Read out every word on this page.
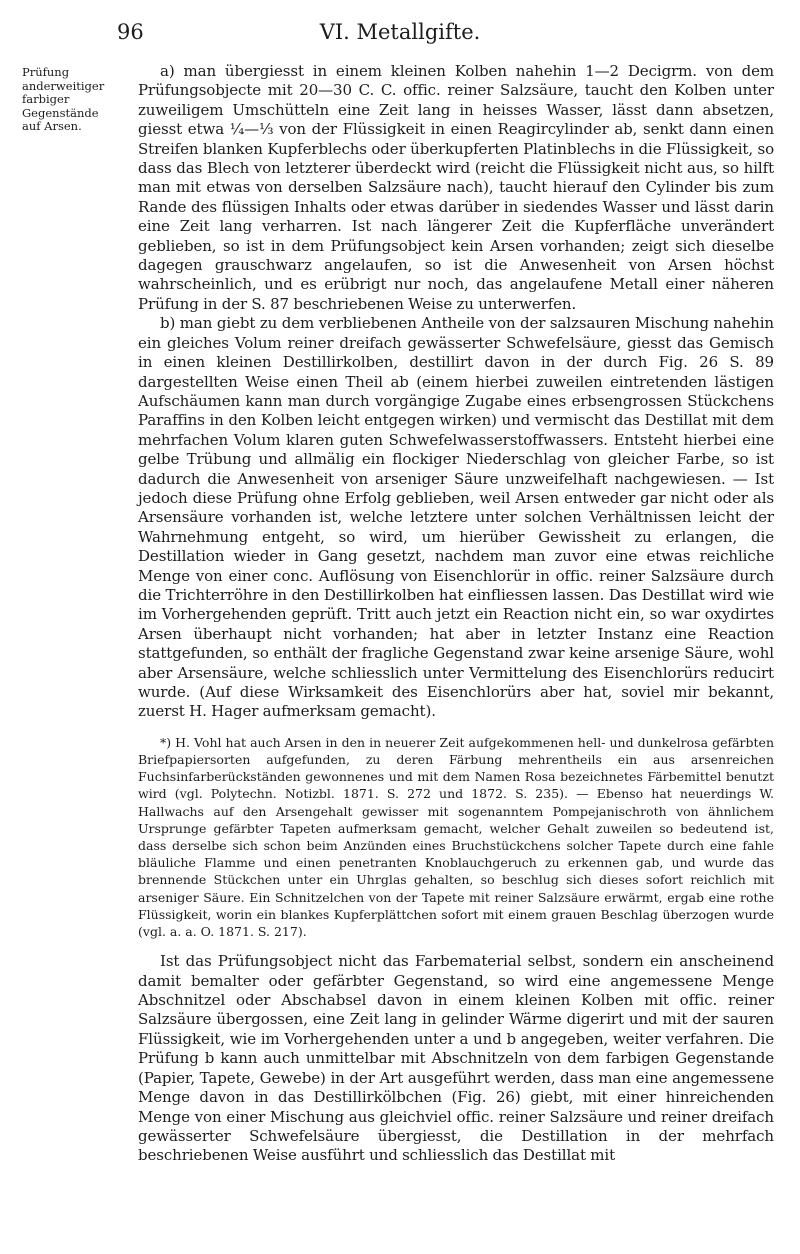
96	VI. Metallgifte.

Prüfung anderweitiger farbiger Gegenstände auf Arsen.

a) man übergiesst in einem kleinen Kolben nahehin 1—2 Decigrm. von dem Prüfungsobjecte mit 20—30 C. C. offic. reiner Salzsäure, taucht den Kolben unter zuweiligem Umschütteln eine Zeit lang in heisses Wasser, lässt dann absetzen, giesst etwa ¼—⅓ von der Flüssigkeit in einen Reagircylinder ab, senkt dann einen Streifen blanken Kupferblechs oder überkupferten Platinblechs in die Flüssigkeit, so dass das Blech von letzterer überdeckt wird (reicht die Flüssigkeit nicht aus, so hilft man mit etwas von derselben Salzsäure nach), taucht hierauf den Cylinder bis zum Rande des flüssigen Inhalts oder etwas darüber in siedendes Wasser und lässt darin eine Zeit lang verharren. Ist nach längerer Zeit die Kupferfläche unverändert geblieben, so ist in dem Prüfungsobject kein Arsen vorhanden; zeigt sich dieselbe dagegen grauschwarz angelaufen, so ist die Anwesenheit von Arsen höchst wahrscheinlich, und es erübrigt nur noch, das angelaufene Metall einer näheren Prüfung in der S. 87 beschriebenen Weise zu unterwerfen.

b) man giebt zu dem verbliebenen Antheile von der salzsauren Mischung nahehin ein gleiches Volum reiner dreifach gewässerter Schwefelsäure, giesst das Gemisch in einen kleinen Destillirkolben, destillirt davon in der durch Fig. 26 S. 89 dargestellten Weise einen Theil ab (einem hierbei zuweilen eintretenden lästigen Aufschäumen kann man durch vorgängige Zugabe eines erbsengrossen Stückchens Paraffins in den Kolben leicht entgegen wirken) und vermischt das Destillat mit dem mehrfachen Volum klaren guten Schwefelwasserstoffwassers. Entsteht hierbei eine gelbe Trübung und allmälig ein flockiger Niederschlag von gleicher Farbe, so ist dadurch die Anwesenheit von arseniger Säure unzweifelhaft nachgewiesen. — Ist jedoch diese Prüfung ohne Erfolg geblieben, weil Arsen entweder gar nicht oder als Arsensäure vorhanden ist, welche letztere unter solchen Verhältnissen leicht der Wahrnehmung entgeht, so wird, um hierüber Gewissheit zu erlangen, die Destillation wieder in Gang gesetzt, nachdem man zuvor eine etwas reichliche Menge von einer conc. Auflösung von Eisenchlorür in offic. reiner Salzsäure durch die Trichterröhre in den Destillirkolben hat einfliessen lassen. Das Destillat wird wie im Vorhergehenden geprüft. Tritt auch jetzt ein Reaction nicht ein, so war oxydirtes Arsen überhaupt nicht vorhanden; hat aber in letzter Instanz eine Reaction stattgefunden, so enthält der fragliche Gegenstand zwar keine arsenige Säure, wohl aber Arsensäure, welche schliesslich unter Vermittelung des Eisenchlorürs reducirt wurde. (Auf diese Wirksamkeit des Eisenchlorürs aber hat, soviel mir bekannt, zuerst H. Hager aufmerksam gemacht).

*) H. Vohl hat auch Arsen in den in neuerer Zeit aufgekommenen hell- und dunkelrosa gefärbten Briefpapiersorten aufgefunden, zu deren Färbung mehrentheils ein aus arsenreichen Fuchsinfarberückständen gewonnenes und mit dem Namen Rosa bezeichnetes Färbemittel benutzt wird (vgl. Polytechn. Notizbl. 1871. S. 272 und 1872. S. 235). — Ebenso hat neuerdings W. Hallwachs auf den Arsengehalt gewisser mit sogenanntem Pompejanischroth von ähnlichem Ursprunge gefärbter Tapeten aufmerksam gemacht, welcher Gehalt zuweilen so bedeutend ist, dass derselbe sich schon beim Anzünden eines Bruchstückchens solcher Tapete durch eine fahle bläuliche Flamme und einen penetranten Knoblauchgeruch zu erkennen gab, und wurde das brennende Stückchen unter ein Uhrglas gehalten, so beschlug sich dieses sofort reichlich mit arseniger Säure. Ein Schnitzelchen von der Tapete mit reiner Salzsäure erwärmt, ergab eine rothe Flüssigkeit, worin ein blankes Kupferplättchen sofort mit einem grauen Beschlag überzogen wurde (vgl. a. a. O. 1871. S. 217).

Ist das Prüfungsobject nicht das Farbematerial selbst, sondern ein anscheinend damit bemalter oder gefärbter Gegenstand, so wird eine angemessene Menge Abschnitzel oder Abschabsel davon in einem kleinen Kolben mit offic. reiner Salzsäure übergossen, eine Zeit lang in gelinder Wärme digerirt und mit der sauren Flüssigkeit, wie im Vorhergehenden unter a und b angegeben, weiter verfahren. Die Prüfung b kann auch unmittelbar mit Abschnitzeln von dem farbigen Gegenstande (Papier, Tapete, Gewebe) in der Art ausgeführt werden, dass man eine angemessene Menge davon in das Destillirkölbchen (Fig. 26) giebt, mit einer hinreichenden Menge von einer Mischung aus gleichviel offic. reiner Salzsäure und reiner dreifach gewässerter Schwefelsäure übergiesst, die Destillation in der mehrfach beschriebenen Weise ausführt und schliesslich das Destillat mit
